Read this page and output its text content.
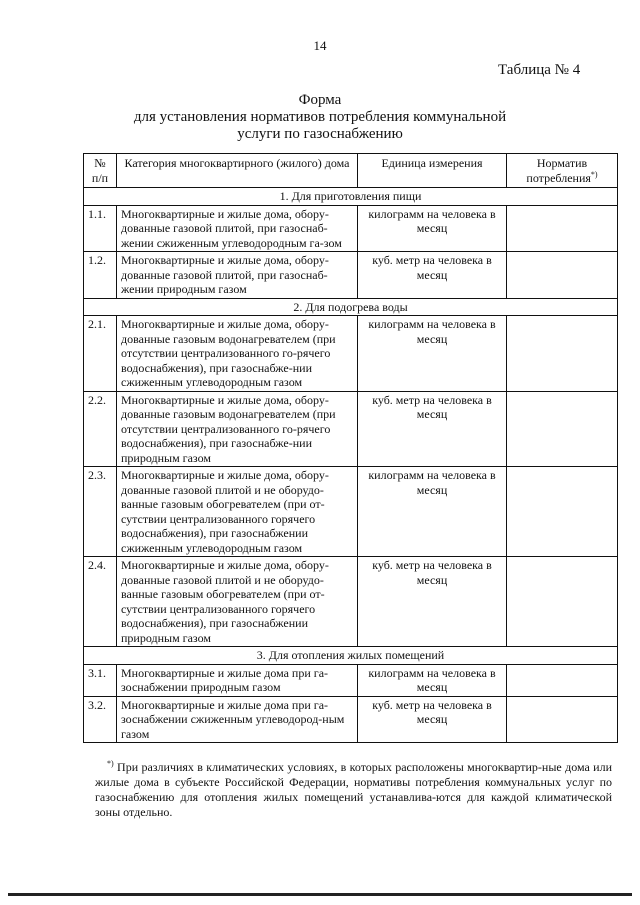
14
Таблица № 4
Форма
для установления нормативов потребления коммунальной
услуги по газоснабжению
№ п/п	Категория многоквартирного (жилого) дома	Единица измерения	Норматив потребления*)
1. Для приготовления пищи			
1.1.	Многоквартирные и жилые дома, обору-дованные газовой плитой, при газоснаб-жении сжиженным углеводородным га-зом	килограмм на человека в месяц	
1.2.	Многоквартирные и жилые дома, обору-дованные газовой плитой, при газоснаб-жении природным газом	куб. метр на человека в месяц	
2. Для подогрева воды			
2.1.	Многоквартирные и жилые дома, обору-дованные газовым водонагревателем (при отсутствии централизованного го-рячего водоснабжения), при газоснабже-нии сжиженным углеводородным газом	килограмм на человека в месяц	
2.2.	Многоквартирные и жилые дома, обору-дованные газовым водонагревателем (при отсутствии централизованного го-рячего водоснабжения), при газоснабже-нии природным газом	куб. метр на человека в месяц	
2.3.	Многоквартирные и жилые дома, обору-дованные газовой плитой и не оборудо-ванные газовым обогревателем (при от-сутствии централизованного горячего водоснабжения), при газоснабжении сжиженным углеводородным газом	килограмм на человека в месяц	
2.4.	Многоквартирные и жилые дома, обору-дованные газовой плитой и не оборудо-ванные газовым обогревателем (при от-сутствии централизованного горячего водоснабжения), при газоснабжении природным газом	куб. метр на человека в месяц	
3. Для отопления жилых помещений			
3.1.	Многоквартирные и жилые дома при га-зоснабжении природным газом	килограмм на человека в месяц	
3.2.	Многоквартирные и жилые дома при га-зоснабжении сжиженным углеводород-ным газом	куб. метр на человека в месяц	
 *) При различиях в климатических условиях, в которых расположены многоквартир-ные дома или жилые дома в субъекте Российской Федерации, нормативы потребления коммунальных услуг по газоснабжению для отопления жилых помещений устанавлива-ются для каждой климатической зоны отдельно.
